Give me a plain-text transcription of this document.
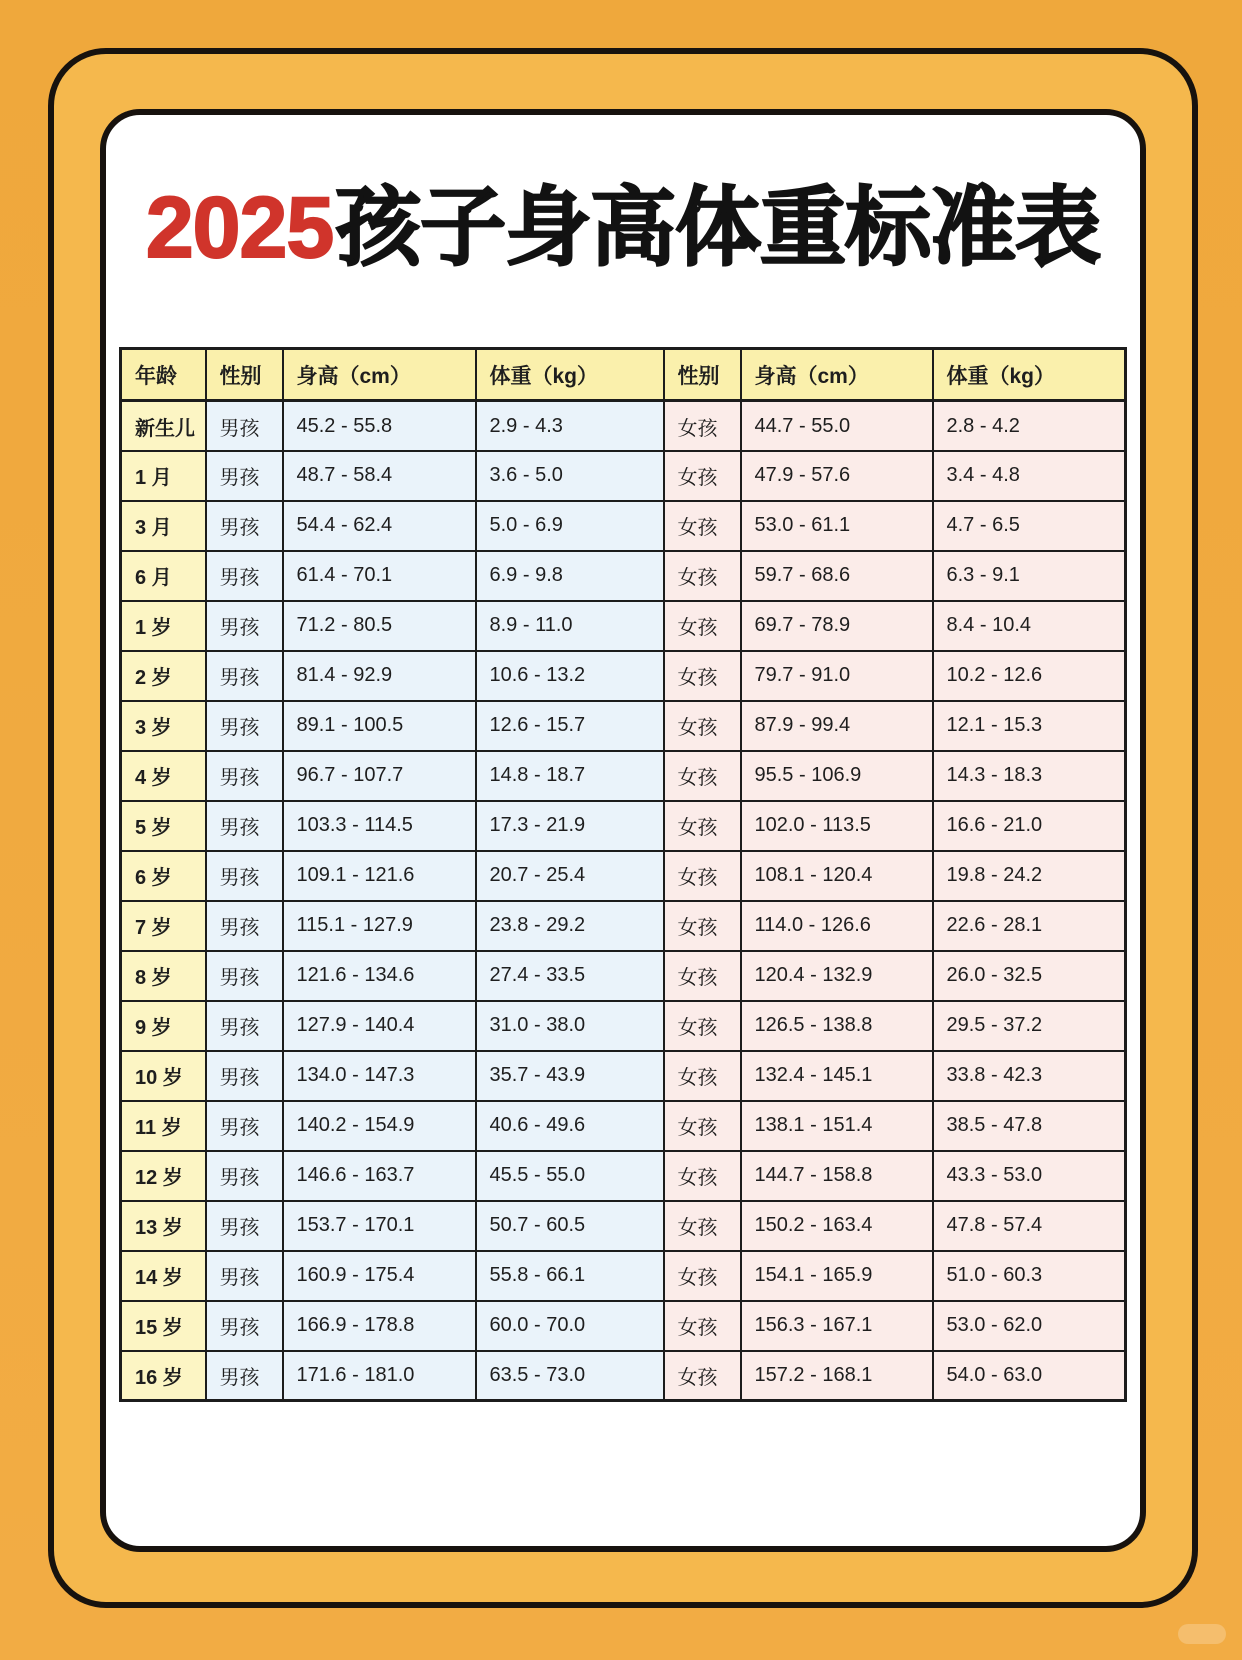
2025孩子身高体重标准表
年龄	性别	身高（cm）	体重（kg）	性别	身高（cm）	体重（kg）
新生儿	男孩	45.2 - 55.8	2.9 - 4.3	女孩	44.7 - 55.0	2.8 - 4.2
1 月	男孩	48.7 - 58.4	3.6 - 5.0	女孩	47.9 - 57.6	3.4 - 4.8
3 月	男孩	54.4 - 62.4	5.0 - 6.9	女孩	53.0 - 61.1	4.7 - 6.5
6 月	男孩	61.4 - 70.1	6.9 - 9.8	女孩	59.7 - 68.6	6.3 - 9.1
1 岁	男孩	71.2 - 80.5	8.9 - 11.0	女孩	69.7 - 78.9	8.4 - 10.4
2 岁	男孩	81.4 - 92.9	10.6 - 13.2	女孩	79.7 - 91.0	10.2 - 12.6
3 岁	男孩	89.1 - 100.5	12.6 - 15.7	女孩	87.9 - 99.4	12.1 - 15.3
4 岁	男孩	96.7 - 107.7	14.8 - 18.7	女孩	95.5 - 106.9	14.3 - 18.3
5 岁	男孩	103.3 - 114.5	17.3 - 21.9	女孩	102.0 - 113.5	16.6 - 21.0
6 岁	男孩	109.1 - 121.6	20.7 - 25.4	女孩	108.1 - 120.4	19.8 - 24.2
7 岁	男孩	115.1 - 127.9	23.8 - 29.2	女孩	114.0 - 126.6	22.6 - 28.1
8 岁	男孩	121.6 - 134.6	27.4 - 33.5	女孩	120.4 - 132.9	26.0 - 32.5
9 岁	男孩	127.9 - 140.4	31.0 - 38.0	女孩	126.5 - 138.8	29.5 - 37.2
10 岁	男孩	134.0 - 147.3	35.7 - 43.9	女孩	132.4 - 145.1	33.8 - 42.3
11 岁	男孩	140.2 - 154.9	40.6 - 49.6	女孩	138.1 - 151.4	38.5 - 47.8
12 岁	男孩	146.6 - 163.7	45.5 - 55.0	女孩	144.7 - 158.8	43.3 - 53.0
13 岁	男孩	153.7 - 170.1	50.7 - 60.5	女孩	150.2 - 163.4	47.8 - 57.4
14 岁	男孩	160.9 - 175.4	55.8 - 66.1	女孩	154.1 - 165.9	51.0 - 60.3
15 岁	男孩	166.9 - 178.8	60.0 - 70.0	女孩	156.3 - 167.1	53.0 - 62.0
16 岁	男孩	171.6 - 181.0	63.5 - 73.0	女孩	157.2 - 168.1	54.0 - 63.0
